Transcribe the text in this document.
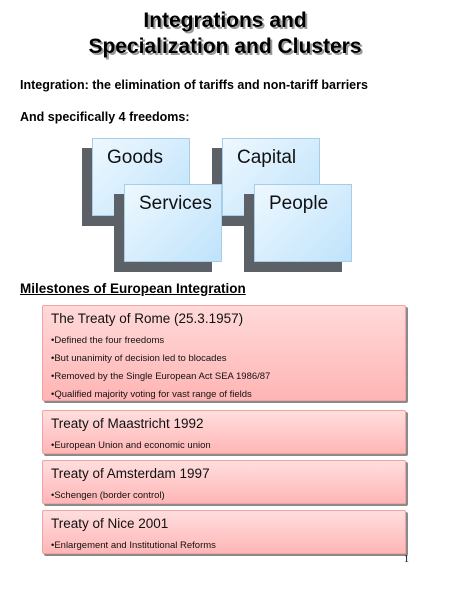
Integrations and
Specialization and Clusters
Integration: the elimination of tariffs and non-tariff barriers
And specifically 4 freedoms:
Goods	Capital
Services	People
Milestones of European Integration
The Treaty of Rome (25.3.1957)
• Defined the four freedoms
• But unanimity of decision led to blocades
• Removed by the Single European Act SEA 1986/87
• Qualified majority voting for vast range of fields
Treaty of Maastricht 1992
• European Union and economic union
Treaty of Amsterdam 1997
• Schengen (border control)
Treaty of Nice 2001
• Enlargement and Institutional Reforms
1
